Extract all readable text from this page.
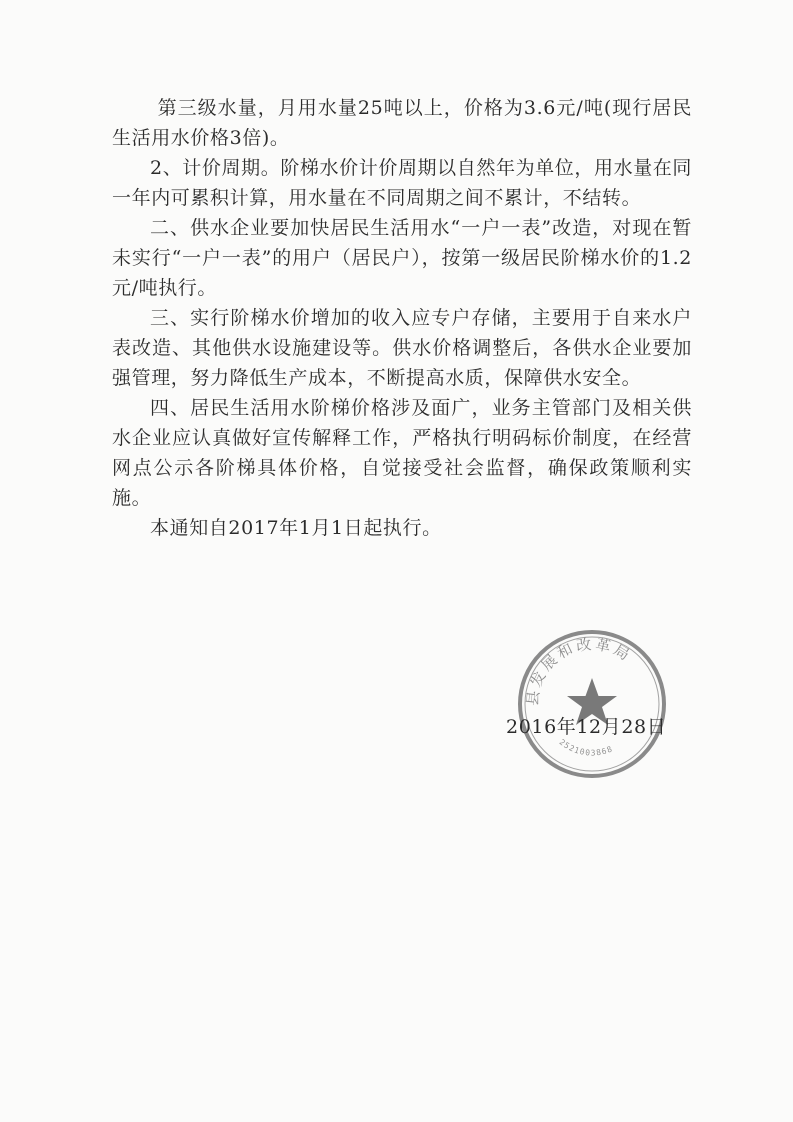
第三级水量，月用水量25吨以上，价格为3.6元/吨(现行居民生活用水价格3倍)。

2、计价周期。阶梯水价计价周期以自然年为单位，用水量在同一年内可累积计算，用水量在不同周期之间不累计，不结转。

二、供水企业要加快居民生活用水“一户一表”改造，对现在暂未实行“一户一表”的用户（居民户），按第一级居民阶梯水价的1.2元/吨执行。

三、实行阶梯水价增加的收入应专户存储，主要用于自来水户表改造、其他供水设施建设等。供水价格调整后，各供水企业要加强管理，努力降低生产成本，不断提高水质，保障供水安全。

四、居民生活用水阶梯价格涉及面广，业务主管部门及相关供水企业应认真做好宣传解释工作，严格执行明码标价制度，在经营网点公示各阶梯具体价格，自觉接受社会监督，确保政策顺利实施。

本通知自2017年1月1日起执行。

县发展和改革局
2521003868
2016年12月28日
